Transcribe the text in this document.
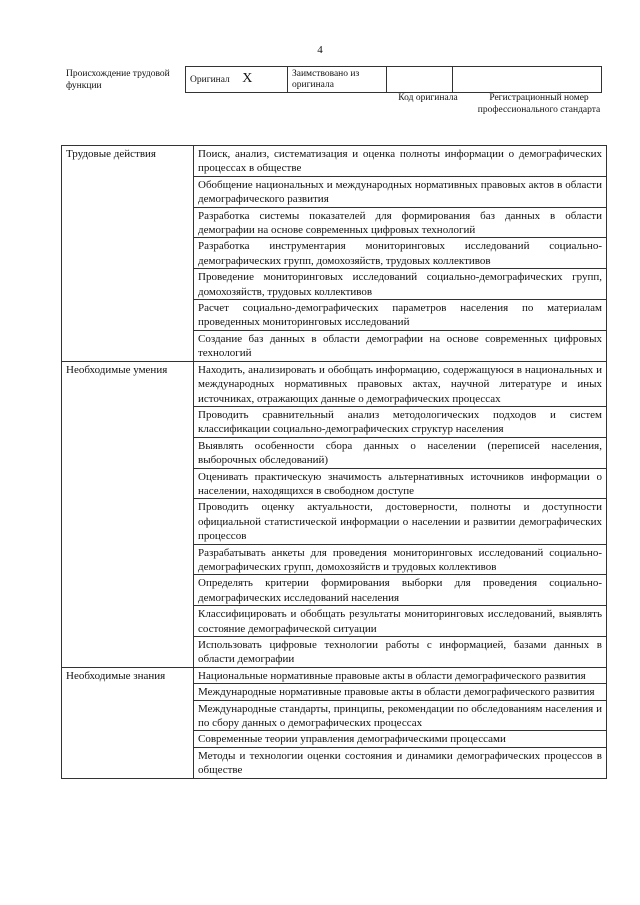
4
Происхождение трудовой функции
Оригинал X	Заимствовано из оригинала		
Код оригинала	Регистрационный номер профессионального стандарта
Трудовые действия	Поиск, анализ, систематизация и оценка полноты информации о демографических процессах в обществе
	Обобщение национальных и международных нормативных правовых актов в области демографического развития
	Разработка системы показателей для формирования баз данных в области демографии на основе современных цифровых технологий
	Разработка инструментария мониторинговых исследований социально-демографических групп, домохозяйств, трудовых коллективов
	Проведение мониторинговых исследований социально-демографических групп, домохозяйств, трудовых коллективов
	Расчет социально-демографических параметров населения по материалам проведенных мониторинговых исследований
	Создание баз данных в области демографии на основе современных цифровых технологий
Необходимые умения	Находить, анализировать и обобщать информацию, содержащуюся в национальных и международных нормативных правовых актах, научной литературе и иных источниках, отражающих данные о демографических процессах
	Проводить сравнительный анализ методологических подходов и систем классификации социально-демографических структур населения
	Выявлять особенности сбора данных о населении (переписей населения, выборочных обследований)
	Оценивать практическую значимость альтернативных источников информации о населении, находящихся в свободном доступе
	Проводить оценку актуальности, достоверности, полноты и доступности официальной статистической информации о населении и развитии демографических процессов
	Разрабатывать анкеты для проведения мониторинговых исследований социально-демографических групп, домохозяйств и трудовых коллективов
	Определять критерии формирования выборки для проведения социально-демографических исследований населения
	Классифицировать и обобщать результаты мониторинговых исследований, выявлять состояние демографической ситуации
	Использовать цифровые технологии работы с информацией, базами данных в области демографии
Необходимые знания	Национальные нормативные правовые акты в области демографического развития
	Международные нормативные правовые акты в области демографического развития
	Международные стандарты, принципы, рекомендации по обследованиям населения и по сбору данных о демографических процессах
	Современные теории управления демографическими процессами
	Методы и технологии оценки состояния и динамики демографических процессов в обществе
